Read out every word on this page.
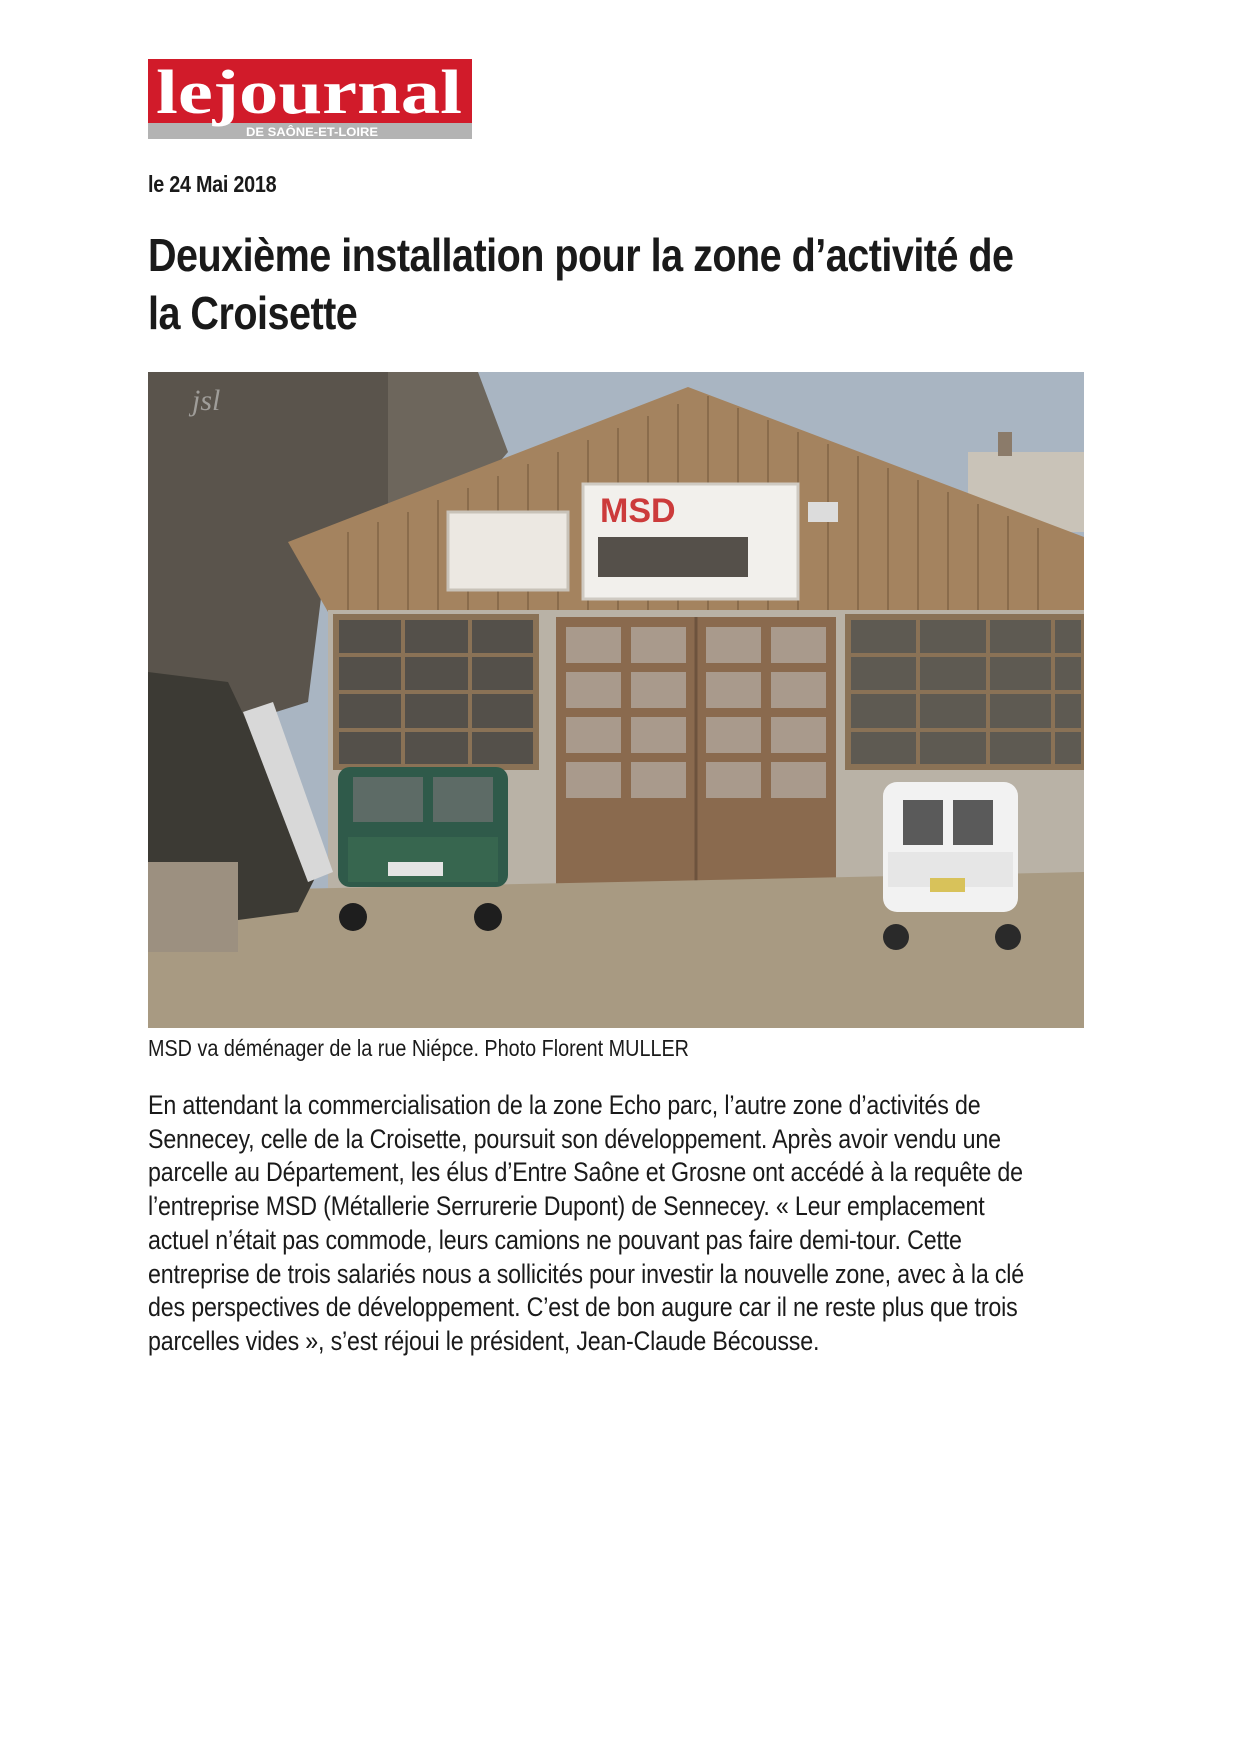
lejournal
DE SAÔNE-ET-LOIRE
le 24 Mai 2018
Deuxième installation pour la zone d’activité de
la Croisette
MSD
jsl
MSD va déménager de la rue Niépce. Photo Florent MULLER

En attendant la commercialisation de la zone Echo parc, l’autre zone d’activités de
Sennecey, celle de la Croisette, poursuit son développement. Après avoir vendu une
parcelle au Département, les élus d’Entre Saône et Grosne ont accédé à la requête de
l’entreprise MSD (Métallerie Serrurerie Dupont) de Sennecey. « Leur emplacement
actuel n’était pas commode, leurs camions ne pouvant pas faire demi-tour. Cette
entreprise de trois salariés nous a sollicités pour investir la nouvelle zone, avec à la clé
des perspectives de développement. C’est de bon augure car il ne reste plus que trois
parcelles vides », s’est réjoui le président, Jean-Claude Bécousse.
